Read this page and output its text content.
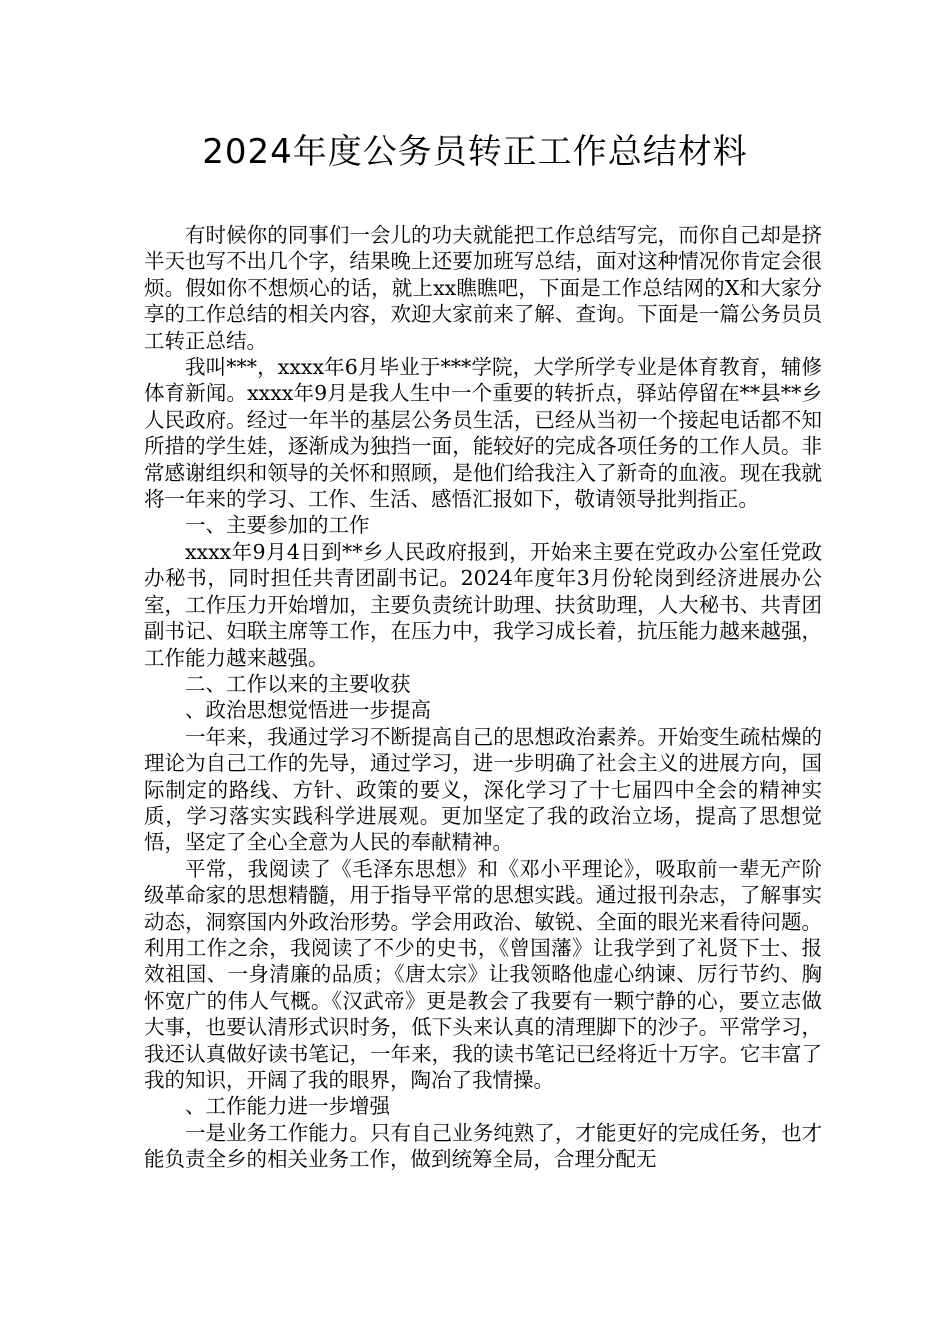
2024年度公务员转正工作总结材料

有时候你的同事们一会儿的功夫就能把工作总结写完，而你自己却是挤半天也写不出几个字，结果晚上还要加班写总结，面对这种情况你肯定会很烦。假如你不想烦心的话，就上xx瞧瞧吧，下面是工作总结网的X和大家分享的工作总结的相关内容，欢迎大家前来了解、查询。下面是一篇公务员员工转正总结。

我叫***，xxxx年6月毕业于***学院，大学所学专业是体育教育，辅修体育新闻。xxxx年9月是我人生中一个重要的转折点，驿站停留在**县**乡人民政府。经过一年半的基层公务员生活，已经从当初一个接起电话都不知所措的学生娃，逐渐成为独挡一面，能较好的完成各项任务的工作人员。非常感谢组织和领导的关怀和照顾，是他们给我注入了新奇的血液。现在我就将一年来的学习、工作、生活、感悟汇报如下，敬请领导批判指正。

一、主要参加的工作

xxxx年9月4日到**乡人民政府报到，开始来主要在党政办公室任党政办秘书，同时担任共青团副书记。2024年度年3月份轮岗到经济进展办公室，工作压力开始增加，主要负责统计助理、扶贫助理，人大秘书、共青团副书记、妇联主席等工作，在压力中，我学习成长着，抗压能力越来越强，工作能力越来越强。

二、工作以来的主要收获

、政治思想觉悟进一步提高

一年来，我通过学习不断提高自己的思想政治素养。开始变生疏枯燥的理论为自己工作的先导，通过学习，进一步明确了社会主义的进展方向，国际制定的路线、方针、政策的要义，深化学习了十七届四中全会的精神实质，学习落实实践科学进展观。更加坚定了我的政治立场，提高了思想觉悟，坚定了全心全意为人民的奉献精神。

平常，我阅读了《毛泽东思想》和《邓小平理论》，吸取前一辈无产阶级革命家的思想精髓，用于指导平常的思想实践。通过报刊杂志，了解事实动态，洞察国内外政治形势。学会用政治、敏锐、全面的眼光来看待问题。利用工作之余，我阅读了不少的史书，《曾国藩》让我学到了礼贤下士、报效祖国、一身清廉的品质；《唐太宗》让我领略他虚心纳谏、厉行节约、胸怀宽广的伟人气概。《汉武帝》更是教会了我要有一颗宁静的心，要立志做大事，也要认清形式识时务，低下头来认真的清理脚下的沙子。平常学习，我还认真做好读书笔记，一年来，我的读书笔记已经将近十万字。它丰富了我的知识，开阔了我的眼界，陶冶了我情操。

、工作能力进一步增强

一是业务工作能力。只有自己业务纯熟了，才能更好的完成任务，也才能负责全乡的相关业务工作，做到统筹全局，合理分配无
